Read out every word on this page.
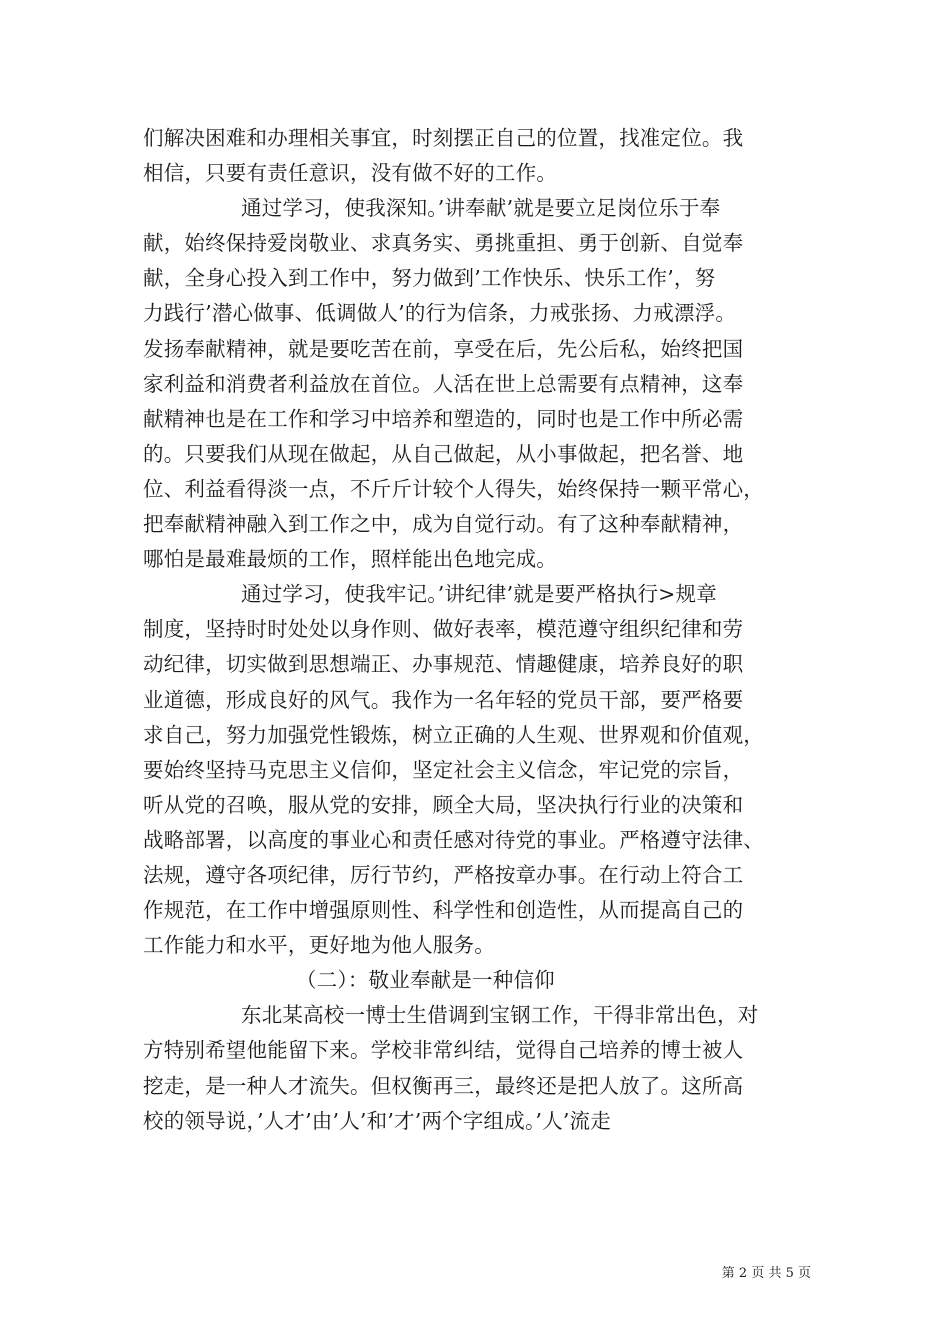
们解决困难和办理相关事宜，时刻摆正自己的位置，找准定位。我
相信，只要有责任意识，没有做不好的工作。
通过学习，使我深知。’讲奉献’就是要立足岗位乐于奉
献，始终保持爱岗敬业、求真务实、勇挑重担、勇于创新、自觉奉
献，全身心投入到工作中，努力做到’工作快乐、快乐工作’，努
力践行’潜心做事、低调做人’的行为信条，力戒张扬、力戒漂浮。
发扬奉献精神，就是要吃苦在前，享受在后，先公后私，始终把国
家利益和消费者利益放在首位。人活在世上总需要有点精神，这奉
献精神也是在工作和学习中培养和塑造的，同时也是工作中所必需
的。只要我们从现在做起，从自己做起，从小事做起，把名誉、地
位、利益看得淡一点，不斤斤计较个人得失，始终保持一颗平常心，
把奉献精神融入到工作之中，成为自觉行动。有了这种奉献精神，
哪怕是最难最烦的工作，照样能出色地完成。
通过学习，使我牢记。’讲纪律’就是要严格执行>规章
制度，坚持时时处处以身作则、做好表率，模范遵守组织纪律和劳
动纪律，切实做到思想端正、办事规范、情趣健康，培养良好的职
业道德，形成良好的风气。我作为一名年轻的党员干部，要严格要
求自己，努力加强党性锻炼，树立正确的人生观、世界观和价值观，
要始终坚持马克思主义信仰，坚定社会主义信念，牢记党的宗旨，
听从党的召唤，服从党的安排，顾全大局，坚决执行行业的决策和
战略部署，以高度的事业心和责任感对待党的事业。严格遵守法律、
法规，遵守各项纪律，厉行节约，严格按章办事。在行动上符合工
作规范，在工作中增强原则性、科学性和创造性，从而提高自己的
工作能力和水平，更好地为他人服务。
（二）：敬业奉献是一种信仰
东北某高校一博士生借调到宝钢工作，干得非常出色，对
方特别希望他能留下来。学校非常纠结，觉得自己培养的博士被人
挖走，是一种人才流失。但权衡再三，最终还是把人放了。这所高
校的领导说，’人才’由’人’和’才’两个字组成。’人’流走
第 2 页 共 5 页
